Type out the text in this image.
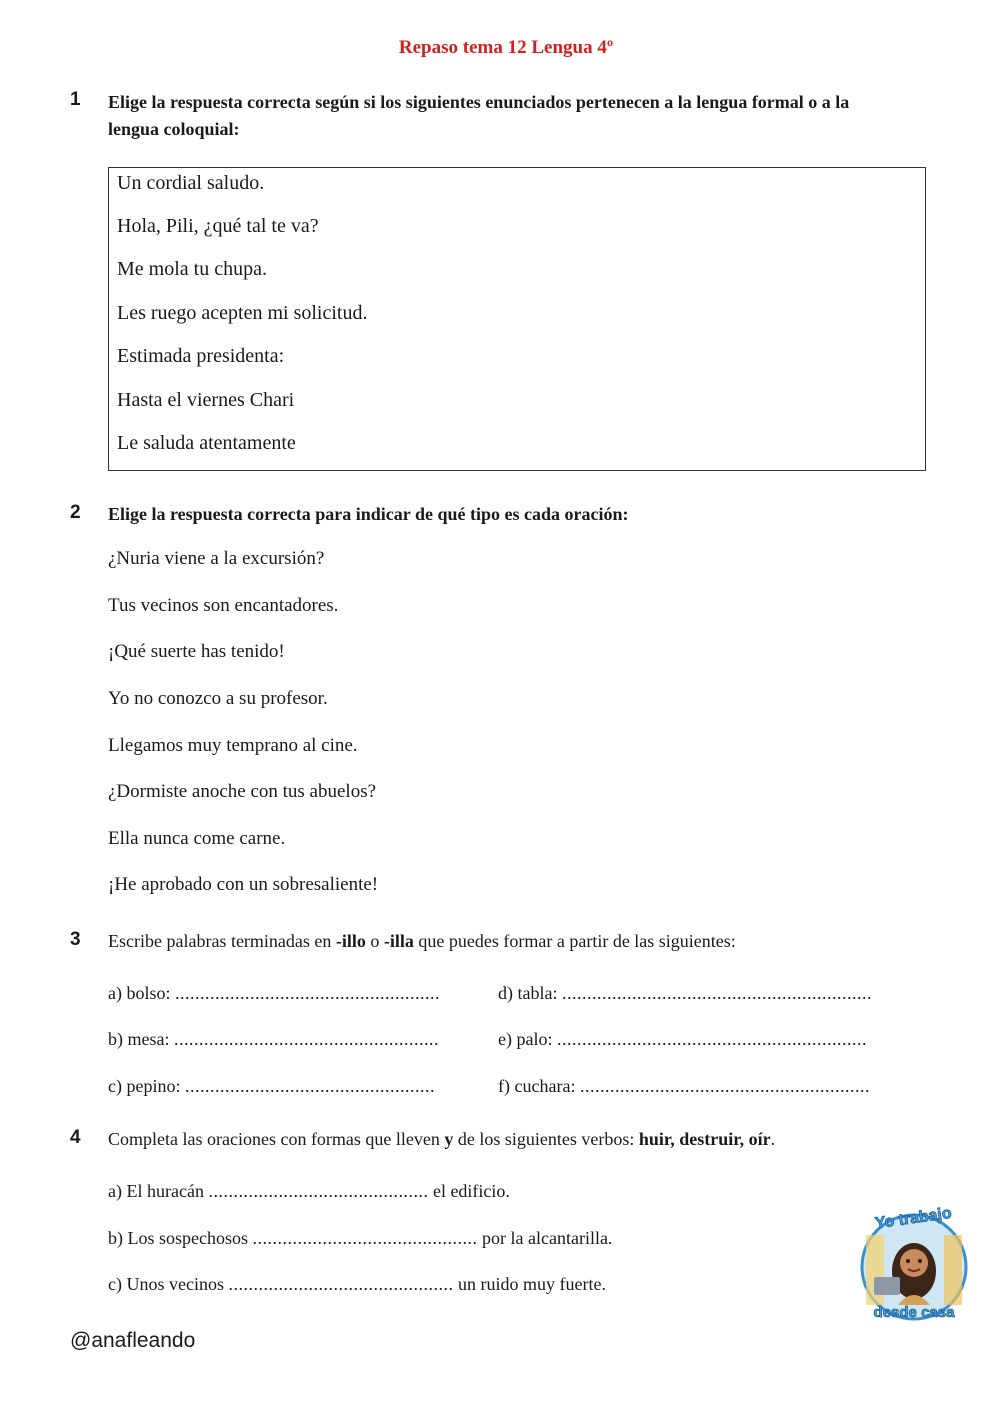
Repaso tema 12 Lengua 4º
1 Elige la respuesta correcta según si los siguientes enunciados pertenecen a la lengua formal o a la
lengua coloquial:
Un cordial saludo.
Hola, Pili, ¿qué tal te va?
Me mola tu chupa.
Les ruego acepten mi solicitud.
Estimada presidenta:
Hasta el viernes Chari
Le saluda atentamente
2 Elige la respuesta correcta para indicar de qué tipo es cada oración:
¿Nuria viene a la excursión?
Tus vecinos son encantadores.
¡Qué suerte has tenido!
Yo no conozco a su profesor.
Llegamos muy temprano al cine.
¿Dormiste anoche con tus abuelos?
Ella nunca come carne.
¡He aprobado con un sobresaliente!
3 Escribe palabras terminadas en -illo o -illa que puedes formar a partir de las siguientes:
a) bolso: .....................................................
b) mesa: .....................................................
c) pepino: ..................................................
d) tabla: ..............................................................
e) palo: ..............................................................
f) cuchara: ..........................................................
4 Completa las oraciones con formas que lleven y de los siguientes verbos: huir, destruir, oír.
a) El huracán ............................................ el edificio.
b) Los sospechosos ............................................. por la alcantarilla.
c) Unos vecinos ............................................. un ruido muy fuerte.
Yo trabajo
desde casa
@anafleando
